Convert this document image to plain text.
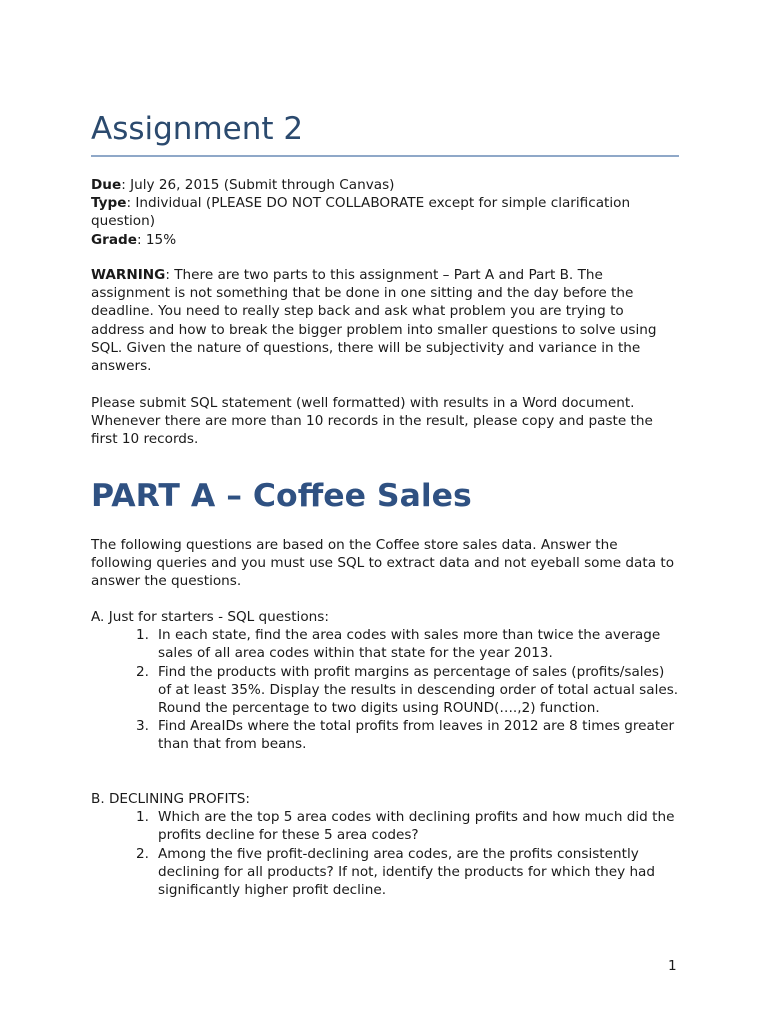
Assignment 2

Due: July 26, 2015 (Submit through Canvas)

Type: Individual (PLEASE DO NOT COLLABORATE except for simple clarification question)

Grade: 15%

WARNING: There are two parts to this assignment – Part A and Part B. The assignment is not something that be done in one sitting and the day before the deadline. You need to really step back and ask what problem you are trying to address and how to break the bigger problem into smaller questions to solve using SQL. Given the nature of questions, there will be subjectivity and variance in the answers.

Please submit SQL statement (well formatted) with results in a Word document. Whenever there are more than 10 records in the result, please copy and paste the first 10 records.

PART A – Coffee Sales

The following questions are based on the Coffee store sales data. Answer the following queries and you must use SQL to extract data and not eyeball some data to answer the questions.

A. Just for starters - SQL questions:
1. In each state, find the area codes with sales more than twice the average sales of all area codes within that state for the year 2013.
2. Find the products with profit margins as percentage of sales (profits/sales) of at least 35%. Display the results in descending order of total actual sales. Round the percentage to two digits using ROUND(….,2) function.
3. Find AreaIDs where the total profits from leaves in 2012 are 8 times greater than that from beans.
B. DECLINING PROFITS:
1. Which are the top 5 area codes with declining profits and how much did the profits decline for these 5 area codes?
2. Among the five profit-declining area codes, are the profits consistently declining for all products? If not, identify the products for which they had significantly higher profit decline.
1
